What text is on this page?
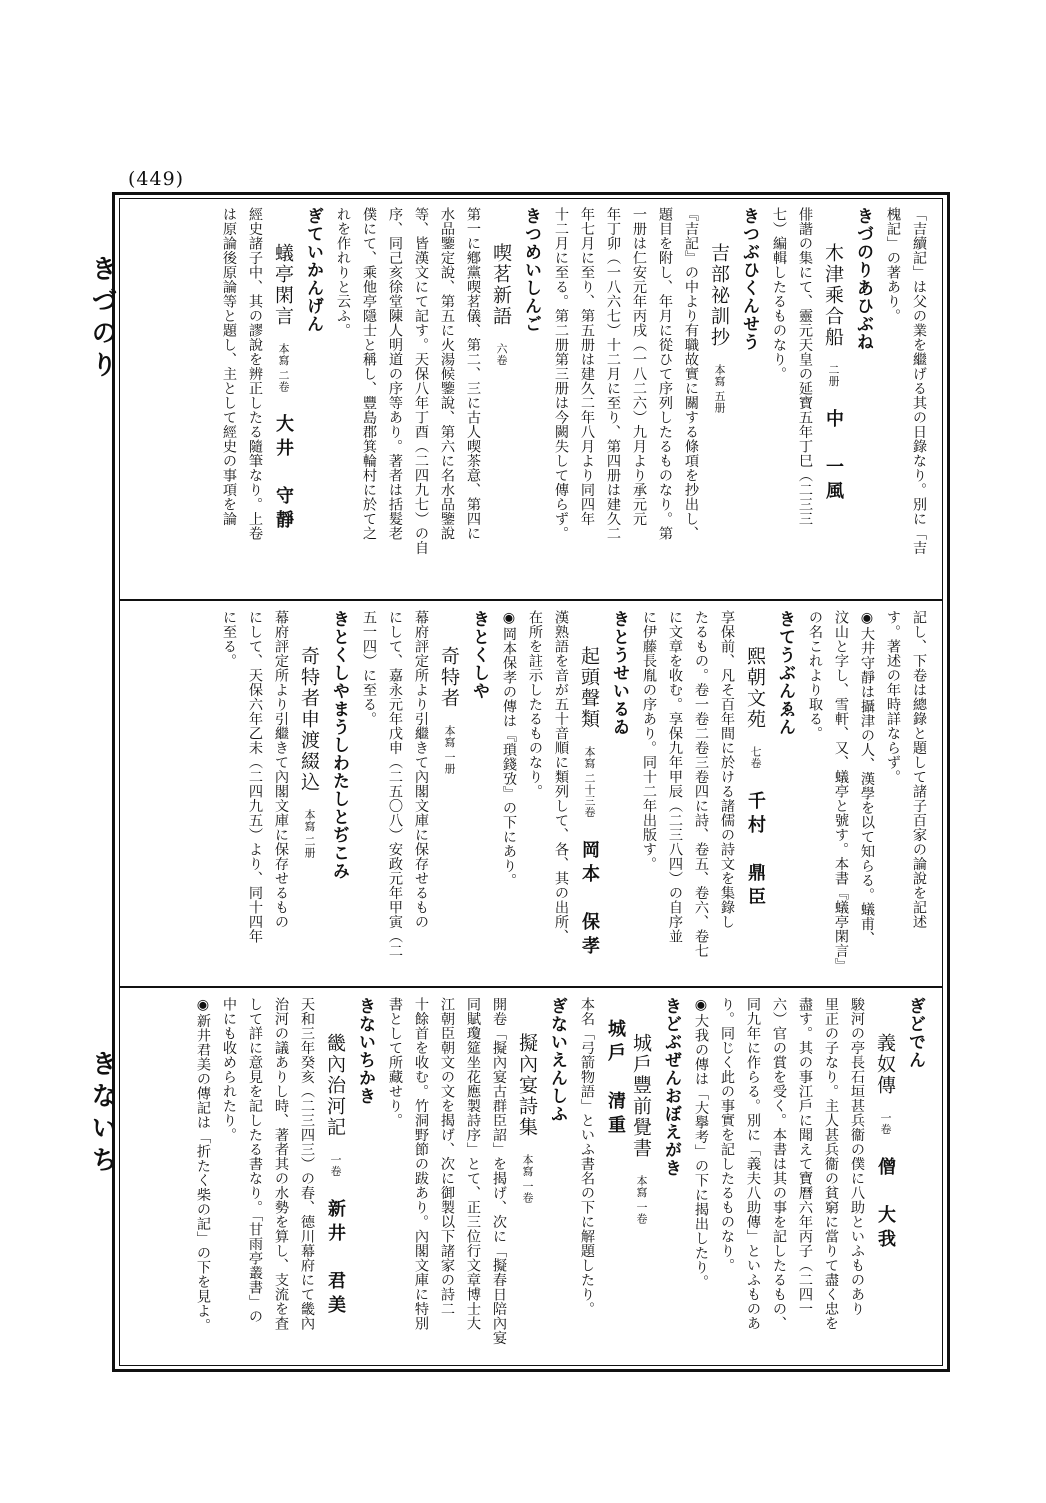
(449)
きづのり
きないち
「吉續記」は父の業を繼げる其の日錄なり。別に「吉
槐記」の著あり。
きづのりあひぶね
木津乘合船二册中　一風
俳諧の集にて、靈元天皇の延寶五年丁巳（二三三
七）編輯したるものなり。
きつぶひくんせう
吉部祕訓抄本寫 五册
『吉記』の中より有職故實に關する條項を抄出し、
題目を附し、年月に從ひて序列したるものなり。第
一册は仁安元年丙戌（一八二六）九月より承元元
年丁卯（一八六七）十二月に至り、第四册は建久二
年七月に至り、第五册は建久二年八月より同四年
十二月に至る。第二册第三册は今闕失して傳らず。
きつめいしんご
喫茗新語六卷
第一に鄕黨喫茗儀、第二、三に古人喫茶意、第四に
水品鑒定說、第五に火湯候鑒說、第六に名水品鑒說
等、皆漢文にて記す。天保八年丁酉（二四九七）の自
序、同己亥徐堂陳人明道の序等あり。著者は括髮老
僕にて、乘他亭隱士と稱し、豐島郡箕輪村に於て之
れを作れりと云ふ。
ぎていかんげん
蟻亭閑言本寫 二卷大井　守靜
經史諸子中、其の謬說を辨正したる隨筆なり。上卷
は原論後原論等と題し、主として經史の事項を論
記し、下卷は總錄と題して諸子百家の論說を記述
す。著述の年時詳ならず。
◉大井守靜は攝津の人、漢學を以て知らる。蟻甫、
汶山と字し、雪軒、又、蟻亭と號す。本書『蟻亭閑言』
の名これより取る。
きてうぶんゑん
熙朝文苑七卷千村　鼎臣
享保前、凡そ百年間に於ける諸儒の詩文を集錄し
たるもの。卷一卷二卷三卷四に詩、卷五、卷六、卷七
に文章を收む。享保九年甲辰（二三八四）の自序並
に伊藤長胤の序あり。同十二年出版す。
きとうせいるゐ
起頭聲類本寫 二十三卷岡本　保孝
漢熟語を音が五十音順に類列して、各、其の出所、
在所を註示したるものなり。
◉岡本保孝の傳は『瑣錢攷』の下にあり。
きとくしや
奇特者本寫 一册
幕府評定所より引繼きて內閣文庫に保存せるもの
にして、嘉永元年戊申（二五〇八）安政元年甲寅（二
五一四）に至る。
きとくしやまうしわたしとぢこみ
奇特者申渡綴込本寫 二册
幕府評定所より引繼きて內閣文庫に保存せるもの
にして、天保六年乙未（二四九五）より、同十四年
に至る。
ぎどでん
義奴傳一卷僧　大我
駿河の亭長石垣甚兵衞の僕に八助といふものあり
里正の子なり。主人甚兵衞の貧窮に當りて盡く忠を
盡す。其の事江戶に聞えて寶曆六年丙子（二四一
六）官の賞を受く。本書は其の事を記したるもの、
同九年に作らる。別に「義夫八助傳」といふものあ
り。同じく此の事實を記したるものなり。
◉大我の傳は「大擧考」の下に揭出したり。
きどぶぜんおぼえがき
城戶豐前覺書本寫 一卷城戶　清重
本名「弓箭物語」といふ書名の下に解題したり。
ぎないえんしふ
擬內宴詩集本寫 一卷
開卷「擬內宴古群臣詔」を揭げ、次に「擬春日陪內宴
同賦瓊筵坐花應製詩序」とて、正三位行文章博士大
江朝臣朝文の文を揭げ、次に御製以下諸家の詩二
十餘首を收む。竹洞野節の跋あり。內閣文庫に特別
書として所藏せり。
きないちかき
畿內治河記一卷新井　君美
天和三年癸亥（二三四三）の春、德川幕府にて畿內
治河の議ありし時、著者其の水勢を算し、支流を査
して詳に意見を記したる書なり。「甘雨亭叢書」の
中にも收められたり。
◉新井君美の傳記は「折たく柴の記」の下を見よ。
